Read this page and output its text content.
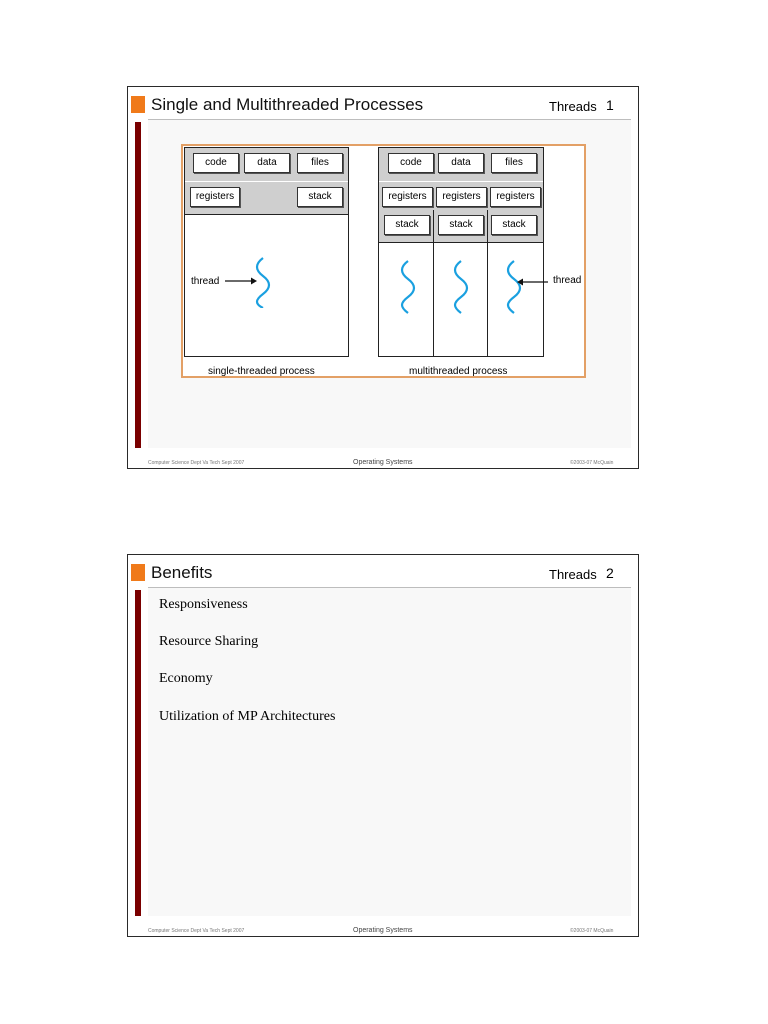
Single and Multithreaded Processes	Threads 1
code	data	files
registers	stack
thread
single-threaded process
code	data	files
registers	registers	registers
stack	stack	stack
thread
multithreaded process
Computer Science Dept Va Tech Sept 2007	Operating Systems	©2003-07 McQuain
Benefits	Threads 2
Responsiveness
Resource Sharing
Economy
Utilization of MP Architectures
Computer Science Dept Va Tech Sept 2007	Operating Systems	©2003-07 McQuain
